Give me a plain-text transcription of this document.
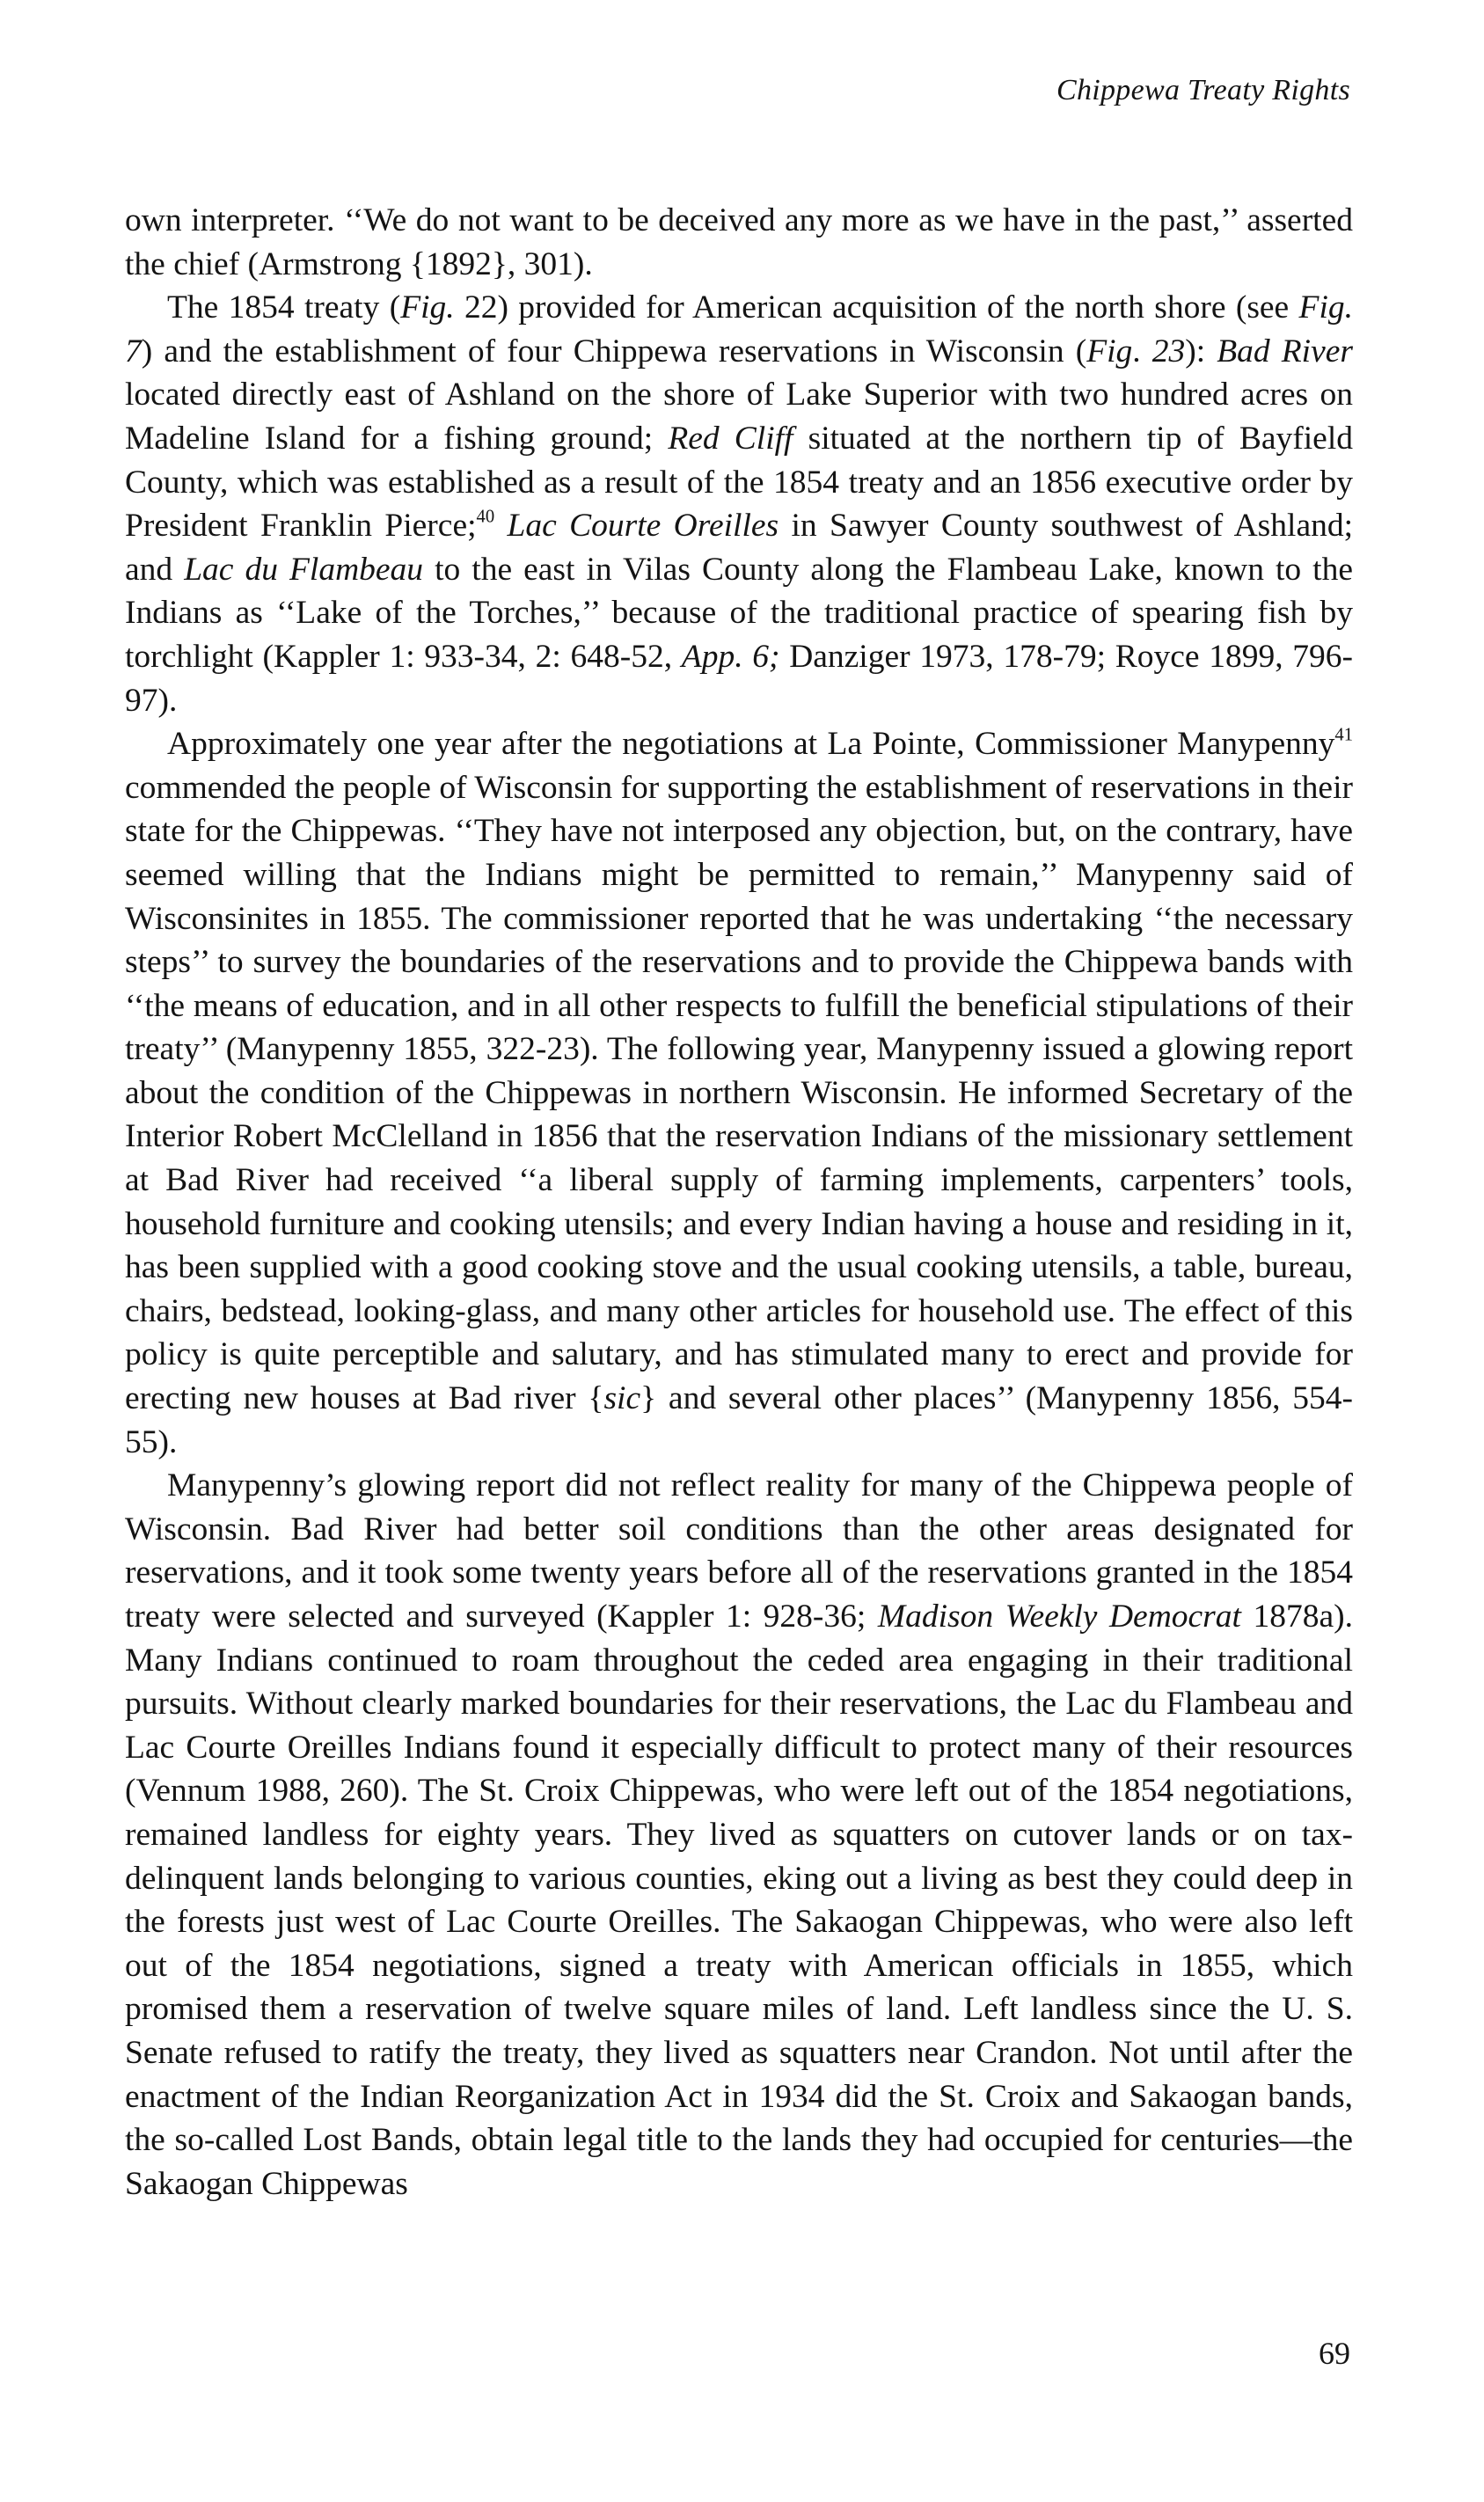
Chippewa Treaty Rights

own interpreter. ‘‘We do not want to be deceived any more as we have in the past,’’ asserted the chief (Armstrong {1892}, 301).

The 1854 treaty (Fig. 22) provided for American acquisition of the north shore (see Fig. 7) and the establishment of four Chippewa reservations in Wisconsin (Fig. 23): Bad River located directly east of Ashland on the shore of Lake Superior with two hundred acres on Madeline Island for a fishing ground; Red Cliff situated at the northern tip of Bayfield County, which was established as a result of the 1854 treaty and an 1856 executive order by President Franklin Pierce;$^{40}$ Lac Courte Oreilles in Sawyer County southwest of Ashland; and Lac du Flambeau to the east in Vilas County along the Flambeau Lake, known to the Indians as ‘‘Lake of the Torches,’’ because of the traditional practice of spearing fish by torchlight (Kappler 1: 933-34, 2: 648-52, App. 6; Danziger 1973, 178-79; Royce 1899, 796-97).

Approximately one year after the negotiations at La Pointe, Commissioner Manypenny$^{41}$ commended the people of Wisconsin for supporting the establishment of reservations in their state for the Chippewas. ‘‘They have not interposed any objection, but, on the contrary, have seemed willing that the Indians might be permitted to remain,’’ Manypenny said of Wisconsinites in 1855. The commissioner reported that he was undertaking ‘‘the necessary steps’’ to survey the boundaries of the reservations and to provide the Chippewa bands with ‘‘the means of education, and in all other respects to fulfill the beneficial stipulations of their treaty’’ (Manypenny 1855, 322-23). The following year, Manypenny issued a glowing report about the condition of the Chippewas in northern Wisconsin. He informed Secretary of the Interior Robert McClelland in 1856 that the reservation Indians of the missionary settlement at Bad River had received ‘‘a liberal supply of farming implements, carpenters’ tools, household furniture and cooking utensils; and every Indian having a house and residing in it, has been supplied with a good cooking stove and the usual cooking utensils, a table, bureau, chairs, bedstead, looking-glass, and many other articles for household use. The effect of this policy is quite perceptible and salutary, and has stimulated many to erect and provide for erecting new houses at Bad river {sic} and several other places’’ (Manypenny 1856, 554-55).

Manypenny’s glowing report did not reflect reality for many of the Chippewa people of Wisconsin. Bad River had better soil conditions than the other areas designated for reservations, and it took some twenty years before all of the reservations granted in the 1854 treaty were selected and surveyed (Kappler 1: 928-36; Madison Weekly Democrat 1878a). Many Indians continued to roam throughout the ceded area engaging in their traditional pursuits. Without clearly marked boundaries for their reservations, the Lac du Flambeau and Lac Courte Oreilles Indians found it especially difficult to protect many of their resources (Vennum 1988, 260). The St. Croix Chippewas, who were left out of the 1854 negotiations, remained landless for eighty years. They lived as squatters on cutover lands or on tax-delinquent lands belonging to various counties, eking out a living as best they could deep in the forests just west of Lac Courte Oreilles. The Sakaogan Chippewas, who were also left out of the 1854 negotiations, signed a treaty with American officials in 1855, which promised them a reservation of twelve square miles of land. Left landless since the U. S. Senate refused to ratify the treaty, they lived as squatters near Crandon. Not until after the enactment of the Indian Reorganization Act in 1934 did the St. Croix and Sakaogan bands, the so-called Lost Bands, obtain legal title to the lands they had occupied for centuries—the Sakaogan Chippewas

69
